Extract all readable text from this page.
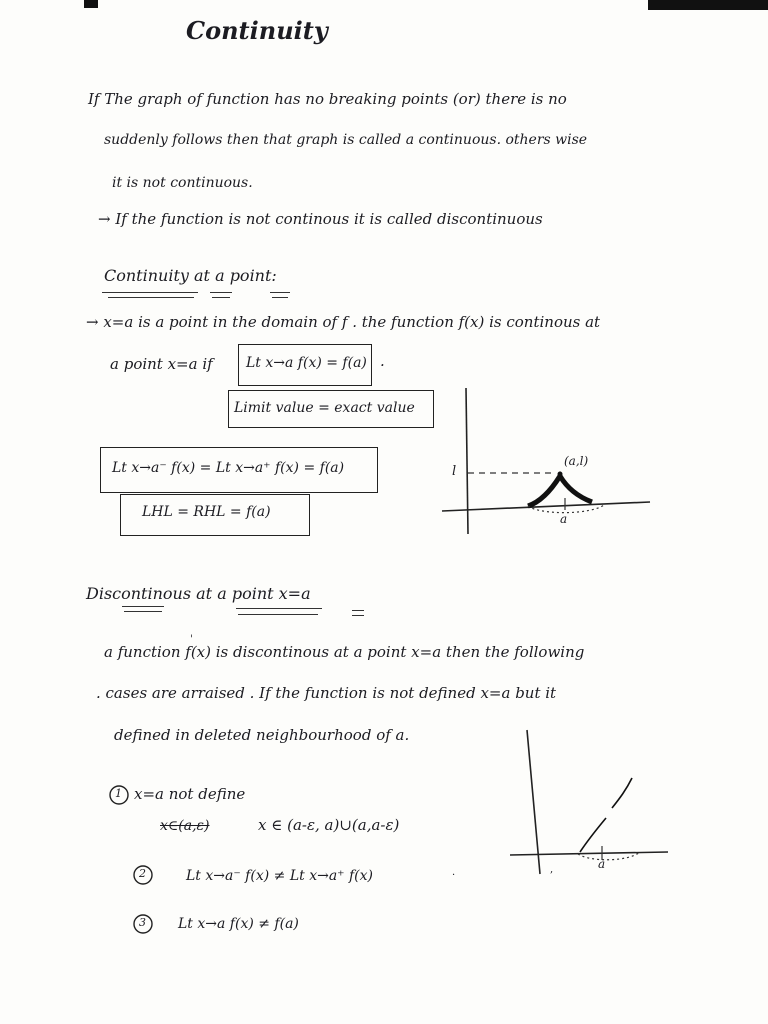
Continuity
If The graph of function has no breaking points (or) there is no
suddenly follows then that graph is called a continuous. others wise
it is not continuous.
→ If the function is not continous it is called discontinuous
Continuity at a point:
→ x=a is a point in the domain of f . the function f(x) is continous at
a point x=a if Lt x→a f(x) = f(a) .
Limit value = exact value
Lt x→a⁻ f(x) = Lt x→a⁺ f(x) = f(a)
LHL = RHL = f(a)
(a,l)
l
a
Discontinous at a point x=a
a function f(x) is discontinous at a point x=a then the following
. cases are arraised . If the function is not defined x=a but it
defined in deleted neighbourhood of a.
1 x=a not define
x∈(a,ε)	x ∈ (a-ε, a)∪(a,a-ε)
2	Lt x→a⁻ f(x) ≠ Lt x→a⁺ f(x)
3 Lt x→a f(x) ≠ f(a)
a
'
,
·
